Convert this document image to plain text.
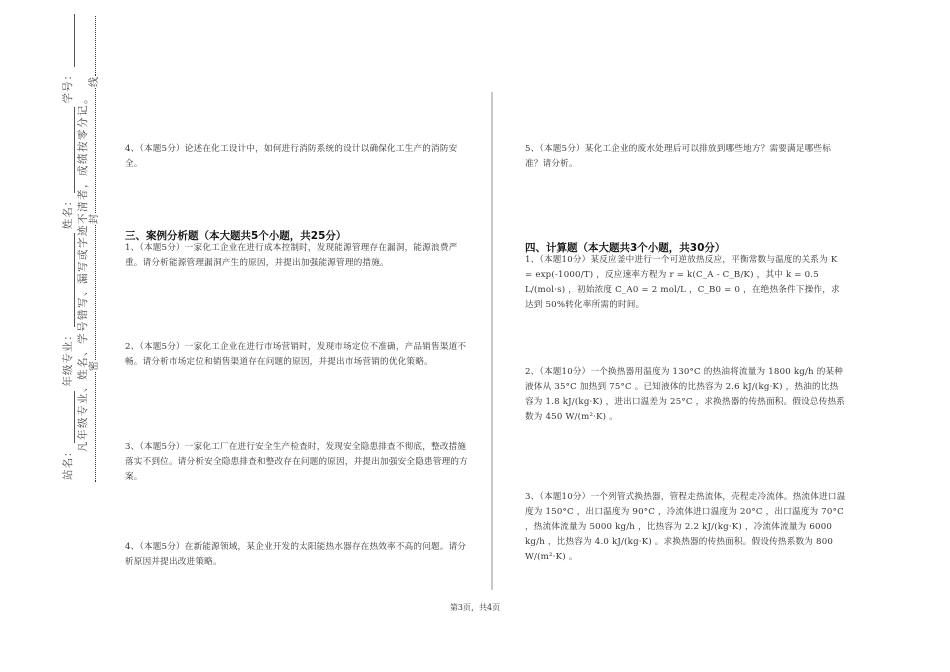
站名：
年级专业：
姓名：
学号：
凡年级专业、姓名、学号错写、漏写或字迹不清者，成绩按零分记。 密
封
线
4、（本题5分）论述在化工设计中，如何进行消防系统的设计以确保化工生产的消防安全。
三、案例分析题（本大题共5个小题，共25分）
1、（本题5分）一家化工企业在进行成本控制时，发现能源管理存在漏洞，能源浪费严重。请分析能源管理漏洞产生的原因，并提出加强能源管理的措施。
2、（本题5分）一家化工企业在进行市场营销时，发现市场定位不准确，产品销售渠道不畅。请分析市场定位和销售渠道存在问题的原因，并提出市场营销的优化策略。
3、（本题5分）一家化工厂在进行安全生产检查时，发现安全隐患排查不彻底，整改措施落实不到位。请分析安全隐患排查和整改存在问题的原因，并提出加强安全隐患管理的方案。
4、（本题5分）在新能源领域，某企业开发的太阳能热水器存在热效率不高的问题。请分析原因并提出改进策略。
5、（本题5分）某化工企业的废水处理后可以排放到哪些地方？需要满足哪些标准？请分析。
四、计算题（本大题共3个小题，共30分）
1、（本题10分）某反应釜中进行一个可逆放热反应，平衡常数与温度的关系为 K = exp(-1000/T) ，反应速率方程为 r = k(C_A - C_B/K) ，其中 k = 0.5 L/(mol·s) ，初始浓度 C_A0 = 2 mol/L ，C_B0 = 0 ，在绝热条件下操作，求达到 50%转化率所需的时间。
2、（本题10分）一个换热器用温度为 130°C 的热油将流量为 1800 kg/h 的某种液体从 35°C 加热到 75°C 。已知液体的比热容为 2.6 kJ/(kg·K) ，热油的比热容为 1.8 kJ/(kg·K) ，进出口温差为 25°C ，求换热器的传热面积。假设总传热系数为 450 W/(m²·K) 。
3、（本题10分）一个列管式换热器，管程走热流体，壳程走冷流体。热流体进口温度为 150°C ，出口温度为 90°C ，冷流体进口温度为 20°C ，出口温度为 70°C ，热流体流量为 5000 kg/h ，比热容为 2.2 kJ/(kg·K) ，冷流体流量为 6000 kg/h ，比热容为 4.0 kJ/(kg·K) 。求换热器的传热面积。假设传热系数为 800 W/(m²·K) 。
第3页，共4页
